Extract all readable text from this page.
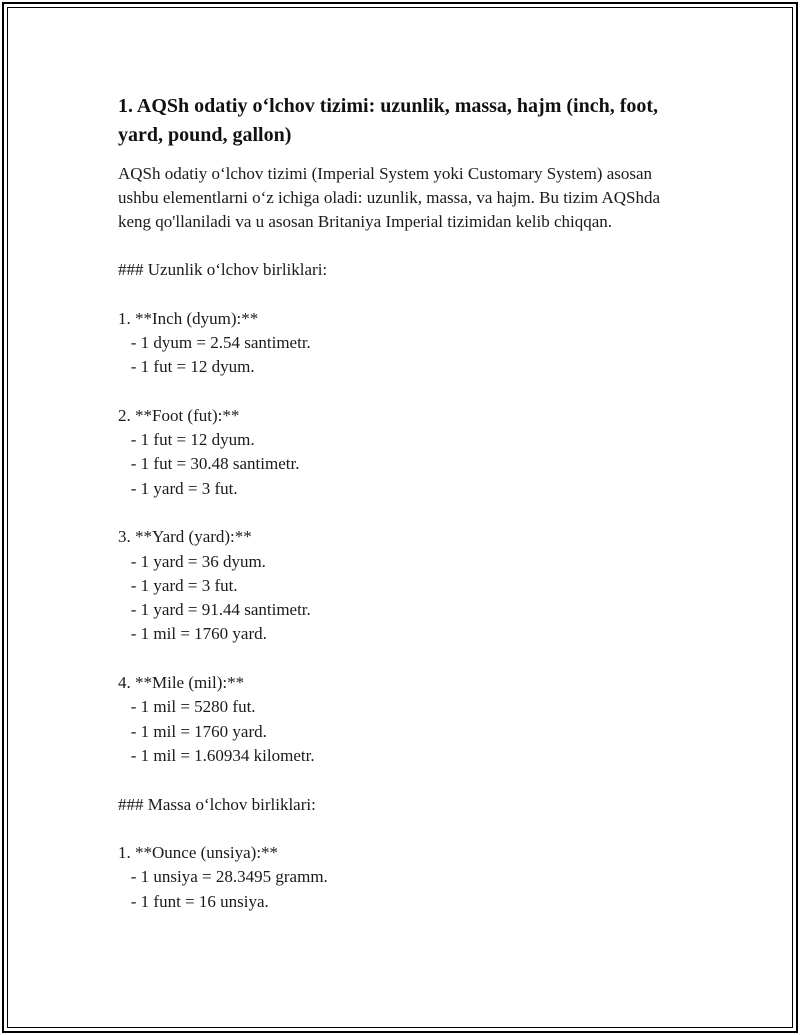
1. AQSh odatiy o‘lchov tizimi: uzunlik, massa, hajm (inch, foot, yard, pound, gallon)

AQSh odatiy o‘lchov tizimi (Imperial System yoki Customary System) asosan ushbu elementlarni o‘z ichiga oladi: uzunlik, massa, va hajm. Bu tizim AQShda keng qo'llaniladi va u asosan Britaniya Imperial tizimidan kelib chiqqan.

### Uzunlik o‘lchov birliklari:
1. **Inch (dyum):**
- 1 dyum = 2.54 santimetr.
- 1 fut = 12 dyum.
2. **Foot (fut):**
- 1 fut = 12 dyum.
- 1 fut = 30.48 santimetr.
- 1 yard = 3 fut.
3. **Yard (yard):**
- 1 yard = 36 dyum.
- 1 yard = 3 fut.
- 1 yard = 91.44 santimetr.
- 1 mil = 1760 yard.
4. **Mile (mil):**
- 1 mil = 5280 fut.
- 1 mil = 1760 yard.
- 1 mil = 1.60934 kilometr.
### Massa o‘lchov birliklari:
1. **Ounce (unsiya):**
- 1 unsiya = 28.3495 gramm.
- 1 funt = 16 unsiya.
